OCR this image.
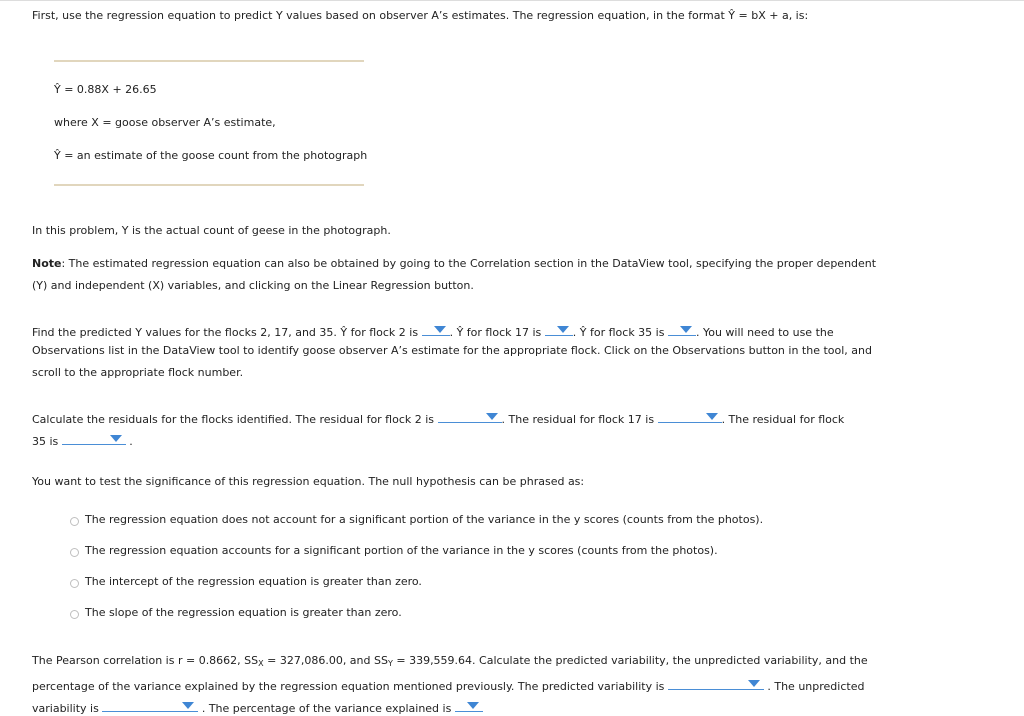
First, use the regression equation to predict Y values based on observer A’s estimates. The regression equation, in the format Ŷ = bX + a, is:
Ŷ = 0.88X + 26.65
where X = goose observer A’s estimate,
Ŷ = an estimate of the goose count from the photograph
In this problem, Y is the actual count of geese in the photograph.
Note: The estimated regression equation can also be obtained by going to the Correlation section in the DataView tool, specifying the proper dependent
(Y) and independent (X) variables, and clicking on the Linear Regression button.
Find the predicted Y values for the flocks 2, 17, and 35. Ŷ for flock 2 is	. Ŷ for flock 17 is	. Ŷ for flock 35 is	. You will need to use the
Observations list in the DataView tool to identify goose observer A’s estimate for the appropriate flock. Click on the Observations button in the tool, and
scroll to the appropriate flock number.
Calculate the residuals for the flocks identified. The residual for flock 2 is	. The residual for flock 17 is	. The residual for flock
35 is	.
You want to test the significance of this regression equation. The null hypothesis can be phrased as:
The regression equation does not account for a significant portion of the variance in the y scores (counts from the photos).
The regression equation accounts for a significant portion of the variance in the y scores (counts from the photos).
The intercept of the regression equation is greater than zero.
The slope of the regression equation is greater than zero.
The Pearson correlation is r = 0.8662, $SS_X = 327,086.00$, and $SS_Y = 339,559.64$. Calculate the predicted variability, the unpredicted variability, and the
percentage of the variance explained by the regression equation mentioned previously. The predicted variability is	. The unpredicted
variability is	. The percentage of the variance explained is
